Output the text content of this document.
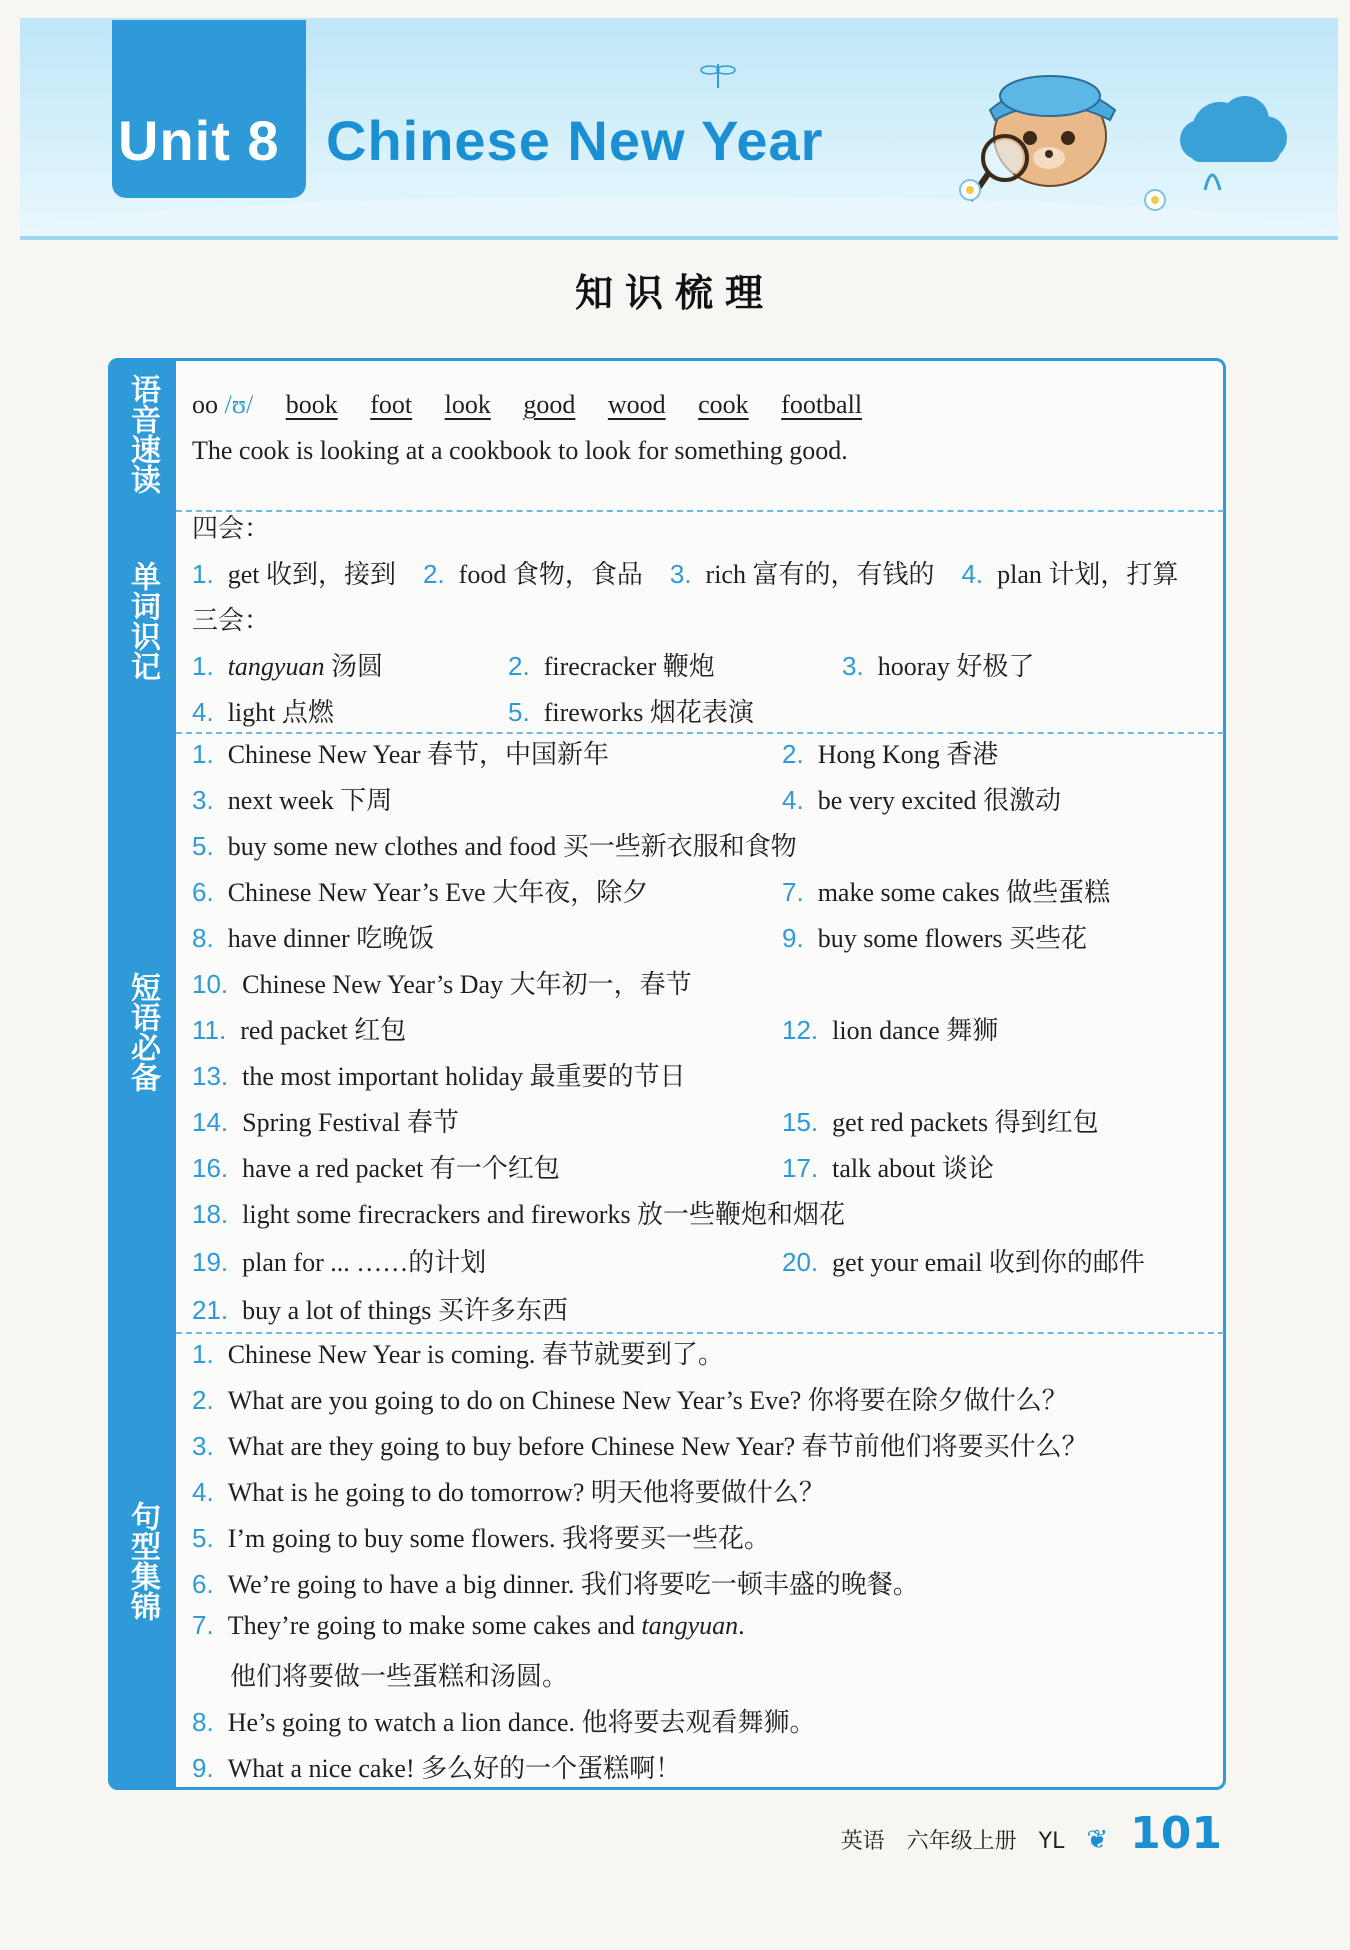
Unit 8 Chinese New Year
知识梳理
语音速读
单词识记
短语必备
句型集锦
oo /ʊ/ book foot look good wood cook football
The cook is looking at a cookbook to look for something good.
四会：
1. get 收到，接到 2. food 食物，食品 3. rich 富有的，有钱的 4. plan 计划，打算
三会：
1. tangyuan 汤圆	2. firecracker 鞭炮	3. hooray 好极了
4. light 点燃	5. fireworks 烟花表演
1. Chinese New Year 春节，中国新年	2. Hong Kong 香港
3. next week 下周	4. be very excited 很激动
5. buy some new clothes and food 买一些新衣服和食物
6. Chinese New Year’s Eve 大年夜，除夕	7. make some cakes 做些蛋糕
8. have dinner 吃晚饭	9. buy some flowers 买些花
10. Chinese New Year’s Day 大年初一，春节
11. red packet 红包	12. lion dance 舞狮
13. the most important holiday 最重要的节日
14. Spring Festival 春节	15. get red packets 得到红包
16. have a red packet 有一个红包	17. talk about 谈论
18. light some firecrackers and fireworks 放一些鞭炮和烟花
19. plan for ... ……的计划	20. get your email 收到你的邮件
21. buy a lot of things 买许多东西
1. Chinese New Year is coming. 春节就要到了。
2. What are you going to do on Chinese New Year’s Eve? 你将要在除夕做什么？
3. What are they going to buy before Chinese New Year? 春节前他们将要买什么？
4. What is he going to do tomorrow? 明天他将要做什么？
5. I’m going to buy some flowers. 我将要买一些花。
6. We’re going to have a big dinner. 我们将要吃一顿丰盛的晚餐。
7. They’re going to make some cakes and tangyuan.
他们将要做一些蛋糕和汤圆。
8. He’s going to watch a lion dance. 他将要去观看舞狮。
9. What a nice cake! 多么好的一个蛋糕啊！
英语 六年级上册 YL ❦ 101
